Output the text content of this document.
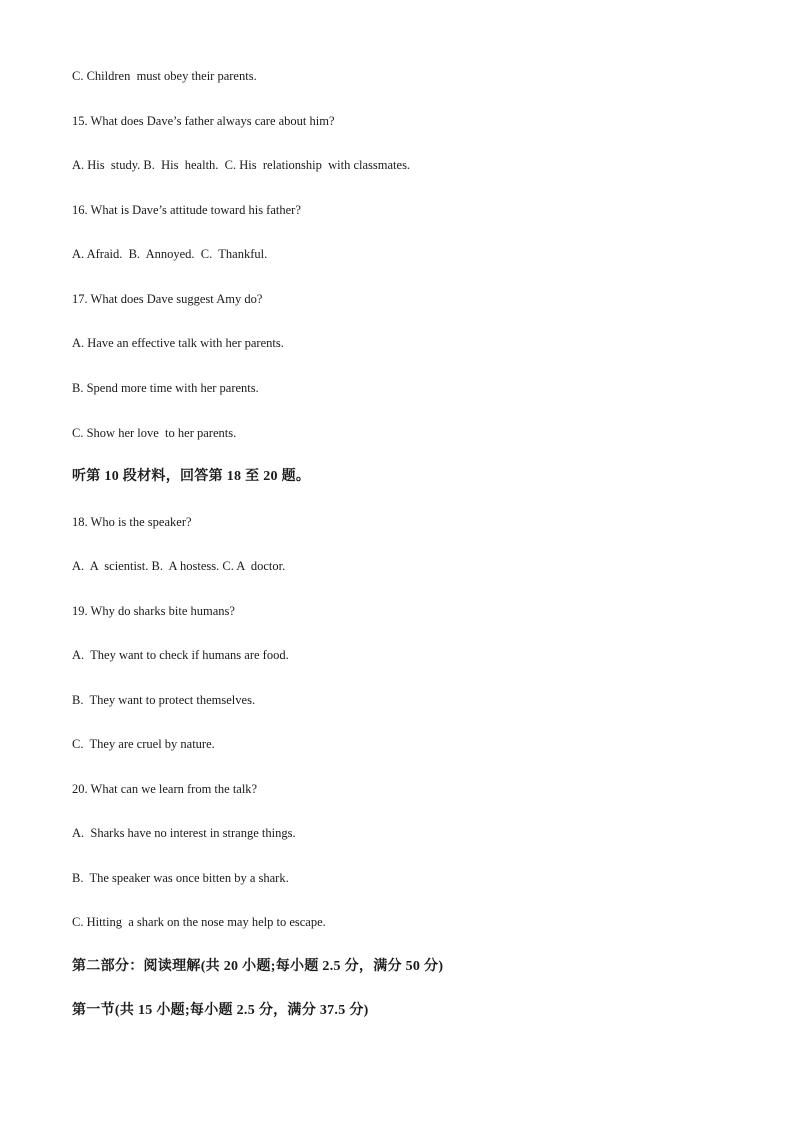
C. Children  must obey their parents.
15. What does Dave’s father always care about him?
A. His  study. B.  His  health.  C. His  relationship  with classmates.
16. What is Dave’s attitude toward his father?
A. Afraid.  B.  Annoyed.  C.  Thankful.
17. What does Dave suggest Amy do?
A. Have an effective talk with her parents.
B. Spend more time with her parents.
C. Show her love  to her parents.
听第 10 段材料，回答第 18 至 20 题。
18. Who is the speaker?
A.  A  scientist. B.  A hostess. C. A  doctor.
19. Why do sharks bite humans?
A.  They want to check if humans are food.
B.  They want to protect themselves.
C.  They are cruel by nature.
20. What can we learn from the talk?
A.  Sharks have no interest in strange things.
B.  The speaker was once bitten by a shark.
C. Hitting  a shark on the nose may help to escape.
第二部分：阅读理解(共 20 小题;每小题 2.5 分，满分 50 分)
第一节(共 15 小题;每小题 2.5 分，满分 37.5 分)
